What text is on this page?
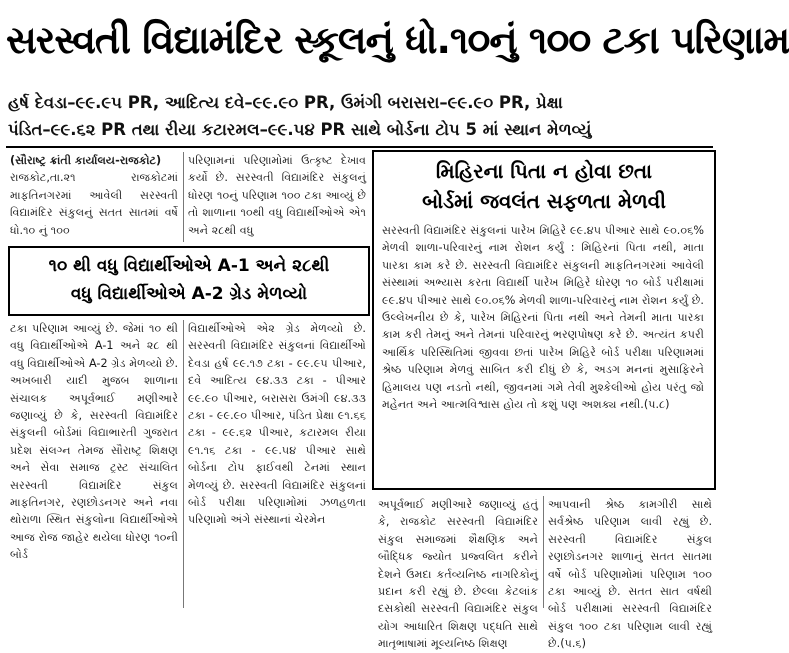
સરસ્વતી વિદ્યામંદિર સ્કૂલનું ધો.૧૦નું ૧૦૦ ટકા પરિણામ
હર્ષ દેવડા–૯૯.૯૫ PR, આદિત્ય દવે–૯૯.૯૦ PR, ઉમંગી બરાસરા–૯૯.૯૦ PR, પ્રેક્ષા
પંડિત–૯૯.૬૨ PR તથા રીયા કટારમલ–૯૯.૫૪ PR સાથે બોર્ડના ટોપ 5 માં સ્થાન મેળવ્યું

(સૌરાષ્ટ્ર ક્રાંતી કાર્યાલય-રાજકોટ)

રાજકોટ,તા.૨૧ રાજકોટમાં માફતિનગરમાં આવેલી સરસ્વતી વિદ્યામંદિર સંકુલનું સતત સાતમાં વર્ષે ધો.૧૦ નું ૧૦૦

પરિણામનાં પરિણામોમાં ઉત્કૃષ્ટ દેખાવ કર્યો છે. સરસ્વતી વિદ્યામંદિર સંકુલનું ધોરણ ૧૦નું પરિણામ ૧૦૦ ટકા આવ્યું છે તો શાળાના ૧૦થી વધુ વિદ્યાર્થીઓએ એ૧ અને ૨૮થી વધુ

૧૦ થી વધુ વિદ્યાર્થીઓએ A-1 અને ૨૮થી
વધુ વિદ્યાર્થીઓએ A-2 ગ્રેડ મેળવ્યો

ટકા પરિણામ આવ્યું છે. જેમાં ૧૦ થી વધુ વિદ્યાર્થીઓએ A-1 અને ૨૮ થી વધુ વિદ્યાર્થીઓએ A-2 ગ્રેડ મેળવ્યો છે. અખબારી યાદી મુજબ શાળાના સંચાલક અપૂર્વભાઈ મણીઆરે જણાવ્યું છે કે, સરસ્વતી વિદ્યામંદિર સંકુલની બોર્ડમાં વિદ્યાભારતી ગુજરાત પ્રદેશ સંલગ્ન તેમજ સૌરાષ્ટ્ર શિક્ષણ અને સેવા સમાજ ટ્રસ્ટ સંચાલિત સરસ્વતી વિદ્યામંદિર સંકુલ માફતિનગર, રણછોડનગર અને નવા થોરાળા સ્થિત સંકુલોના વિદ્યાર્થીઓએ આજ રોજ જાહેર થયેલા ધોરણ ૧૦ની બોર્ડ

વિદ્યાર્થીઓએ એ૨ ગ્રેડ મેળવ્યો છે. સરસ્વતી વિદ્યામંદિર સંકુલનાં વિદ્યાર્થીઓ દેવડા હર્ષ ૯૯.૧૭ ટકા - ૯૯.૯૫ પીઆર, દવે આદિત્ય ૯૪.૩૩ ટકા - પીઆર ૯૯.૯૦ પીઆર, બરાસરા ઉમંગી ૯૪.૩૩ ટકા - ૯૯.૯૦ પીઆર, પંડિત પ્રેક્ષા ૯૧.૬૬ ટકા - ૯૯.૬૨ પીઆર, કટારમલ રીયા ૯૧.૧૬ ટકા - ૯૯.૫૪ પીઆર સાથે બોર્ડના ટોપ ફાઈવથી ટેનમાં સ્થાન મેળવ્યું છે. સરસ્વતી વિદ્યામંદિર સંકુલનાં બોર્ડ પરીક્ષા પરિણામોમાં ઝળહળતા પરિણામો અંગે સંસ્થાનાં ચેરમેન

મિહિરના પિતા ન હોવા છતા
બોર્ડમાં જવલંત સફળતા મેળવી
સરસ્વતી વિદ્યામંદિર સંકુલનાં પારેખ મિહિરે ૯૯.૪૫ પીઆર સાથે ૯૦.૦૬% મેળવી શાળા-પરિવારનું નામ રોશન કર્યું : મિહિરનાં પિતા નથી, માતા પારકા કામ કરે છે. સરસ્વતી વિદ્યામંદિર સંકુલની માફતિનગરમાં આવેલી સંસ્થામાં અભ્યાસ કરતા વિદ્યાર્થી પારેખ મિહિરે ધોરણ ૧૦ બોર્ડ પરીક્ષામાં ૯૯.૪૫ પીઆર સાથે ૯૦.૦૬% મેળવી શાળા-પરિવારનું નામ રોશન કર્યું છે. ઉલ્લેખનીય છે કે, પારેખ મિહિરનાં પિતા નથી અને તેમની માતા પારકા કામ કરી તેમનું અને તેમનાં પરિવારનું ભરણપોષણ કરે છે. અત્યંત કપરી આર્થિક પરિસ્થિતિમાં જીવવા છતાં પારેખ મિહિરે બોર્ડ પરીક્ષા પરિણામમાં શ્રેષ્ઠ પરિણામ મેળવું સાબિત કરી દીધું છે કે, અડગ મનનાં મુસાફિરને હિમાલય પણ નડતો નથી, જીવનમાં ગમે તેવી મુશ્કેલીઓ હોય પરંતુ જો મહેનત અને આત્મવિશ્વાસ હોય તો કશું પણ અશક્ય નથી.(પ.૮)

અપૂર્વભાઈ મણીઆરે જણાવ્યું હતું કે, રાજકોટ સરસ્વતી વિદ્યામંદિર સંકુલ સમાજમાં શૈક્ષણિક અને બૌદ્ધિક જ્યોત પ્રજ્વલિત કરીને દેશને ઉમદા કર્તવ્યનિષ્ઠ નાગરિકોનું પ્રદાન કરી રહ્યું છે. છેલ્લા કેટલાંક દસકોથી સરસ્વતી વિદ્યામંદિર સંકુલ યોગ આધારિત શિક્ષણ પદ્ધતિ સાથે માતૃભાષામાં મૂલ્યનિષ્ઠ શિક્ષણ

આપવાની શ્રેષ્ઠ કામગીરી સાથે સર્વશ્રેષ્ઠ પરિણામ લાવી રહ્યું છે. સરસ્વતી વિદ્યામંદિર સંકુલ રણછોડનગર શાળાનું સતત સાતમા વર્ષે બોર્ડ પરિણામોમાં પરિણામ ૧૦૦ ટકા આવ્યું છે. સતત સાત વર્ષથી બોર્ડ પરીક્ષામાં સરસ્વતી વિદ્યામંદિર સંકુલ ૧૦૦ ટકા પરિણામ લાવી રહ્યું છે.(પ.૬)
